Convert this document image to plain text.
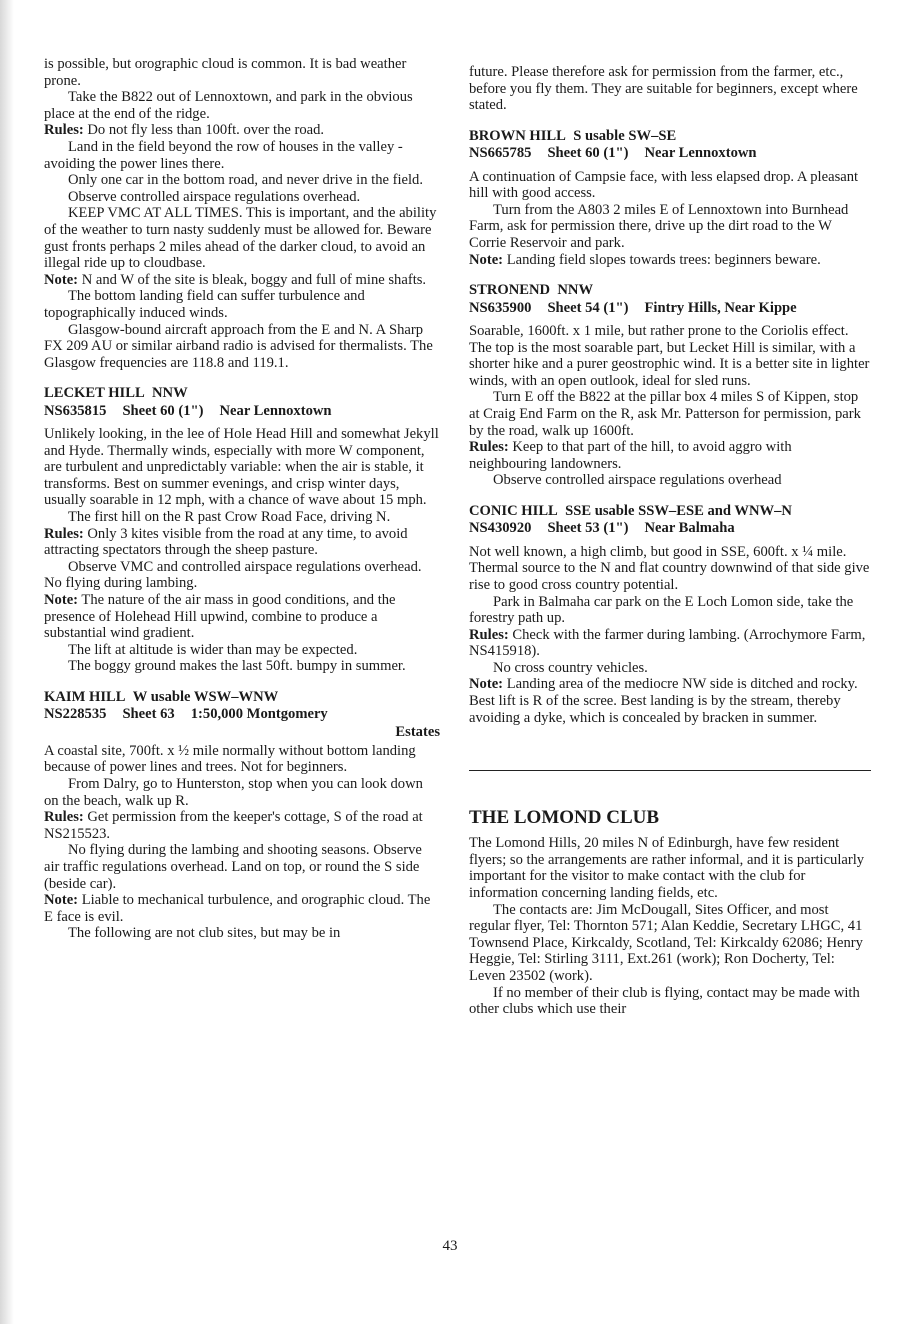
is possible, but orographic cloud is common. It is bad weather prone.

Take the B822 out of Lennoxtown, and park in the obvious place at the end of the ridge.

Rules: Do not fly less than 100ft. over the road.

Land in the field beyond the row of houses in the valley - avoiding the power lines there.

Only one car in the bottom road, and never drive in the field.

Observe controlled airspace regulations overhead.

KEEP VMC AT ALL TIMES. This is important, and the ability of the weather to turn nasty suddenly must be allowed for. Beware gust fronts perhaps 2 miles ahead of the darker cloud, to avoid an illegal ride up to cloudbase.

Note: N and W of the site is bleak, boggy and full of mine shafts.

The bottom landing field can suffer turbulence and topographically induced winds.

Glasgow-bound aircraft approach from the E and N. A Sharp FX 209 AU or similar airband radio is advised for thermalists. The Glasgow frequencies are 118.8 and 119.1.

LECKET HILL NNW
NS635815 Sheet 60 (1") Near Lennoxtown

Unlikely looking, in the lee of Hole Head Hill and somewhat Jekyll and Hyde. Thermally winds, especially with more W component, are turbulent and unpredictably variable: when the air is stable, it transforms. Best on summer evenings, and crisp winter days, usually soarable in 12 mph, with a chance of wave about 15 mph.

The first hill on the R past Crow Road Face, driving N.

Rules: Only 3 kites visible from the road at any time, to avoid attracting spectators through the sheep pasture.

Observe VMC and controlled airspace regulations overhead. No flying during lambing.

Note: The nature of the air mass in good conditions, and the presence of Holehead Hill upwind, combine to produce a substantial wind gradient.

The lift at altitude is wider than may be expected.

The boggy ground makes the last 50ft. bumpy in summer.

KAIM HILL W usable WSW–WNW
NS228535 Sheet 63 1:50,000 Montgomery
Estates

A coastal site, 700ft. x ½ mile normally without bottom landing because of power lines and trees. Not for beginners.

From Dalry, go to Hunterston, stop when you can look down on the beach, walk up R.

Rules: Get permission from the keeper's cottage, S of the road at NS215523.

No flying during the lambing and shooting seasons. Observe air traffic regulations overhead. Land on top, or round the S side (beside car).

Note: Liable to mechanical turbulence, and orographic cloud. The E face is evil.

The following are not club sites, but may be in

future. Please therefore ask for permission from the farmer, etc., before you fly them. They are suitable for beginners, except where stated.

BROWN HILL S usable SW–SE
NS665785 Sheet 60 (1") Near Lennoxtown

A continuation of Campsie face, with less elapsed drop. A pleasant hill with good access.

Turn from the A803 2 miles E of Lennoxtown into Burnhead Farm, ask for permission there, drive up the dirt road to the W Corrie Reservoir and park.

Note: Landing field slopes towards trees: beginners beware.

STRONEND NNW
NS635900 Sheet 54 (1") Fintry Hills, Near Kippe

Soarable, 1600ft. x 1 mile, but rather prone to the Coriolis effect. The top is the most soarable part, but Lecket Hill is similar, with a shorter hike and a purer geostrophic wind. It is a better site in lighter winds, with an open outlook, ideal for sled runs.

Turn E off the B822 at the pillar box 4 miles S of Kippen, stop at Craig End Farm on the R, ask Mr. Patterson for permission, park by the road, walk up 1600ft.

Rules: Keep to that part of the hill, to avoid aggro with neighbouring landowners.

Observe controlled airspace regulations overhead

CONIC HILL SSE usable SSW–ESE and WNW–N
NS430920 Sheet 53 (1") Near Balmaha

Not well known, a high climb, but good in SSE, 600ft. x ¼ mile. Thermal source to the N and flat country downwind of that side give rise to good cross country potential.

Park in Balmaha car park on the E Loch Lomon side, take the forestry path up.

Rules: Check with the farmer during lambing. (Arrochymore Farm, NS415918).

No cross country vehicles.

Note: Landing area of the mediocre NW side is ditched and rocky. Best lift is R of the scree. Best landing is by the stream, thereby avoiding a dyke, which is concealed by bracken in summer.

THE LOMOND CLUB

The Lomond Hills, 20 miles N of Edinburgh, have few resident flyers; so the arrangements are rather informal, and it is particularly important for the visitor to make contact with the club for information concerning landing fields, etc.

The contacts are: Jim McDougall, Sites Officer, and most regular flyer, Tel: Thornton 571; Alan Keddie, Secretary LHGC, 41 Townsend Place, Kirkcaldy, Scotland, Tel: Kirkcaldy 62086; Henry Heggie, Tel: Stirling 3111, Ext.261 (work); Ron Docherty, Tel: Leven 23502 (work).

If no member of their club is flying, contact may be made with other clubs which use their

43
